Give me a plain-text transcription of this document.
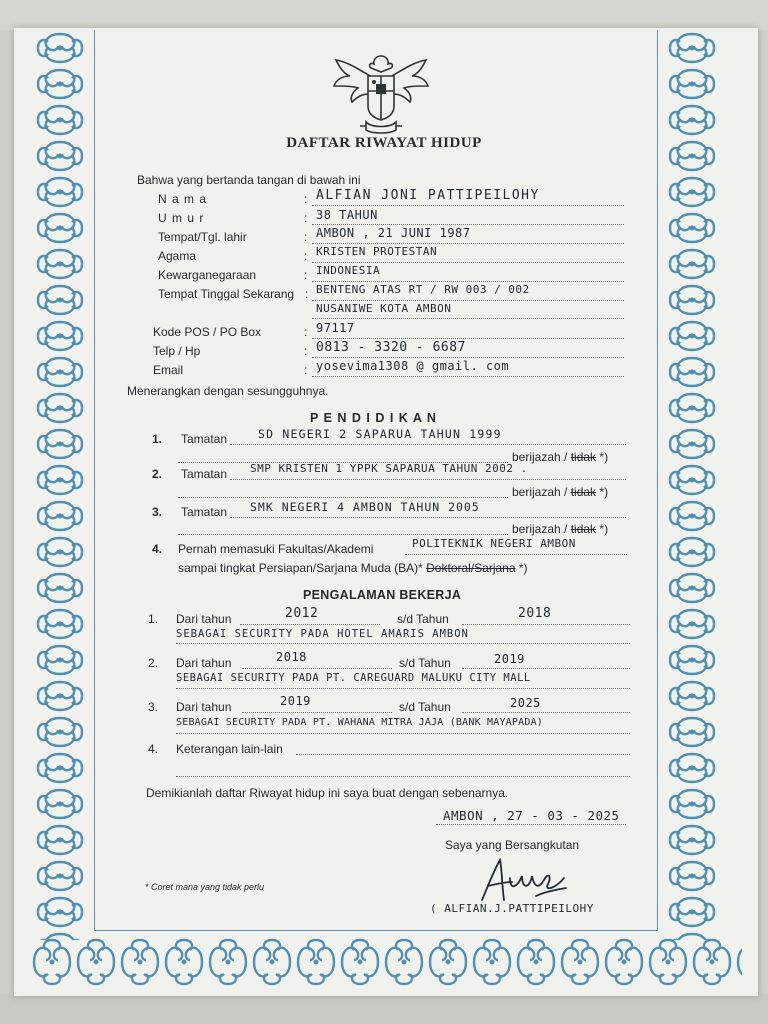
DAFTAR RIWAYAT HIDUP
Bahwa yang bertanda tangan di bawah ini
N a m a	: ALFIAN JONI PATTIPEILOHY
U m u r	: 38 TAHUN
Tempat/Tgl. lahir	: AMBON , 21 JUNI 1987
Agama	: KRISTEN PROTESTAN
Kewarganegaraan	: INDONESIA
Tempat Tinggal Sekarang : BENTENG ATAS RT / RW 003 / 002
NUSANIWE KOTA AMBON
Kode POS / PO Box	: 97117
Telp / Hp	: 0813 - 3320 - 6687
Email	: yosevima1308 @ gmail. com
Menerangkan dengan sesungguhnya.
P E N D I D I K A N
1. Tamatan	SD NEGERI 2 SAPARUA TAHUN 1999
berijazah / tidak *)
2. Tamatan SMP KRISTEN 1 YPPK SAPARUA TAHUN 2002 .
berijazah / tidak *)
3. Tamatan SMK NEGERI 4 AMBON TAHUN 2005
berijazah / tidak *)
4. Pernah memasuki Fakultas/Akademi	POLITEKNIK NEGERI AMBON
sampai tingkat Persiapan/Sarjana Muda (BA)* Doktoral/Sarjana *)
PENGALAMAN BEKERJA
1. Dari tahun	2012	s/d Tahun	2018
SEBAGAI SECURITY PADA HOTEL AMARIS AMBON
2. Dari tahun	2018	s/d Tahun	2019
SEBAGAI SECURITY PADA PT. CAREGUARD MALUKU CITY MALL
3. Dari tahun	2019	s/d Tahun	2025
SEBAGAI SECURITY PADA PT. WAHANA MITRA JAJA (BANK MAYAPADA)
4. Keterangan lain-lain
Demikianlah daftar Riwayat hidup ini saya buat dengan sebenarnya.
AMBON , 27 - 03 - 2025
Saya yang Bersangkutan
* Coret mana yang tidak perlu
( ALFIAN.J.PATTIPEILOHY
